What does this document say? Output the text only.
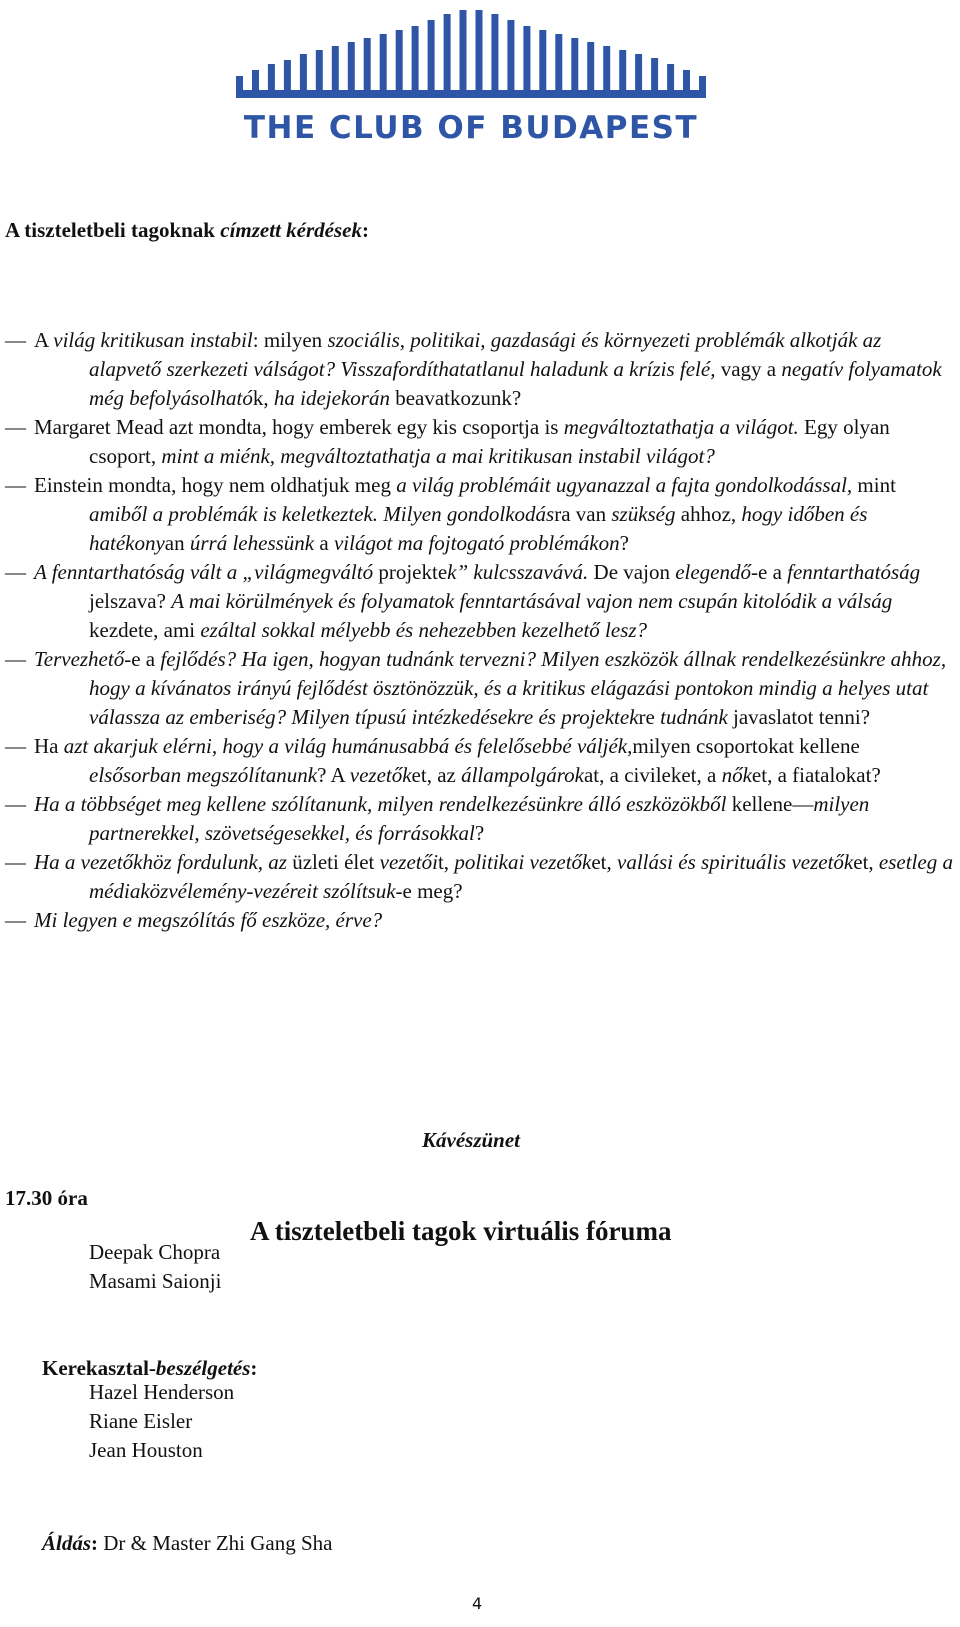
THE CLUB OF BUDAPEST
A tiszteletbeli tagoknak címzett kérdések:

— A világ kritikusan instabil: milyen szociális, politikai, gazdasági és környezeti problémák alkotják az alapvető szerkezeti válságot? Visszafordíthatatlanul haladunk a krízis felé, vagy a negatív folyamatok még befolyásolhatók, ha idejekorán beavatkozunk?

— Margaret Mead azt mondta, hogy emberek egy kis csoportja is megváltoztathatja a világot. Egy olyan csoport, mint a miénk, megváltoztathatja a mai kritikusan instabil világot?

— Einstein mondta, hogy nem oldhatjuk meg a világ problémáit ugyanazzal a fajta gondolkodással, mint amiből a problémák is keletkeztek. Milyen gondolkodásra van szükség ahhoz, hogy időben és hatékonyan úrrá lehessünk a világot ma fojtogató problémákon?

— A fenntarthatóság vált a „világmegváltó projektek” kulcsszavává. De vajon elegendő-e a fenntarthatóság jelszava? A mai körülmények és folyamatok fenntartásával vajon nem csupán kitolódik a válság kezdete, ami ezáltal sokkal mélyebb és nehezebben kezelhető lesz?

— Tervezhető-e a fejlődés? Ha igen, hogyan tudnánk tervezni? Milyen eszközök állnak rendelkezésünkre ahhoz, hogy a kívánatos irányú fejlődést ösztönözzük, és a kritikus elágazási pontokon mindig a helyes utat válassza az emberiség? Milyen típusú intézkedésekre és projektekre tudnánk javaslatot tenni?

— Ha azt akarjuk elérni, hogy a világ humánusabbá és felelősebbé váljék,milyen csoportokat kellene elsősorban megszólítanunk? A vezetőket, az állampolgárokat, a civileket, a nőket, a fiatalokat?

— Ha a többséget meg kellene szólítanunk, milyen rendelkezésünkre álló eszközökből kellene—milyen partnerekkel, szövetségesekkel, és forrásokkal?

— Ha a vezetőkhöz fordulunk, az üzleti élet vezetőit, politikai vezetőket, vallási és spirituális vezetőket, esetleg a médiaközvélemény-vezéreit szólítsuk-e meg?

— Mi legyen e megszólítás fő eszköze, érve?

Kávészünet
17.30 óra
A tiszteletbeli tagok virtuális fóruma
Deepak Chopra
Masami Saionji
Kerekasztal-beszélgetés:
Hazel Henderson
Riane Eisler
Jean Houston
Áldás: Dr & Master Zhi Gang Sha
4
